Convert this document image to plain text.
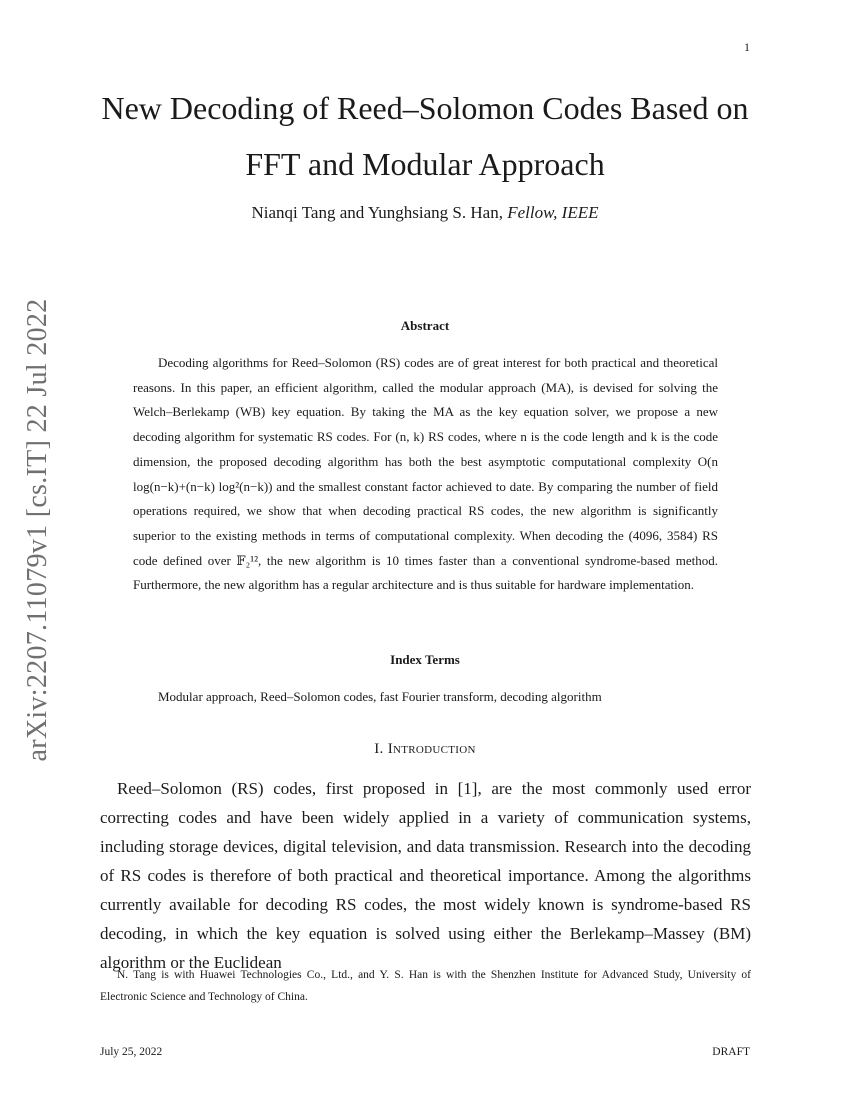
1
arXiv:2207.11079v1 [cs.IT] 22 Jul 2022
New Decoding of Reed–Solomon Codes Based on FFT and Modular Approach
Nianqi Tang and Yunghsiang S. Han, Fellow, IEEE
Abstract
Decoding algorithms for Reed–Solomon (RS) codes are of great interest for both practical and theoretical reasons. In this paper, an efficient algorithm, called the modular approach (MA), is devised for solving the Welch–Berlekamp (WB) key equation. By taking the MA as the key equation solver, we propose a new decoding algorithm for systematic RS codes. For (n, k) RS codes, where n is the code length and k is the code dimension, the proposed decoding algorithm has both the best asymptotic computational complexity O(n log(n−k)+(n−k) log²(n−k)) and the smallest constant factor achieved to date. By comparing the number of field operations required, we show that when decoding practical RS codes, the new algorithm is significantly superior to the existing methods in terms of computational complexity. When decoding the (4096, 3584) RS code defined over 𝔽₂¹², the new algorithm is 10 times faster than a conventional syndrome-based method. Furthermore, the new algorithm has a regular architecture and is thus suitable for hardware implementation.
Index Terms
Modular approach, Reed–Solomon codes, fast Fourier transform, decoding algorithm
I. Introduction
Reed–Solomon (RS) codes, first proposed in [1], are the most commonly used error correcting codes and have been widely applied in a variety of communication systems, including storage devices, digital television, and data transmission. Research into the decoding of RS codes is therefore of both practical and theoretical importance. Among the algorithms currently available for decoding RS codes, the most widely known is syndrome-based RS decoding, in which the key equation is solved using either the Berlekamp–Massey (BM) algorithm or the Euclidean
N. Tang is with Huawei Technologies Co., Ltd., and Y. S. Han is with the Shenzhen Institute for Advanced Study, University of Electronic Science and Technology of China.
July 25, 2022	DRAFT
